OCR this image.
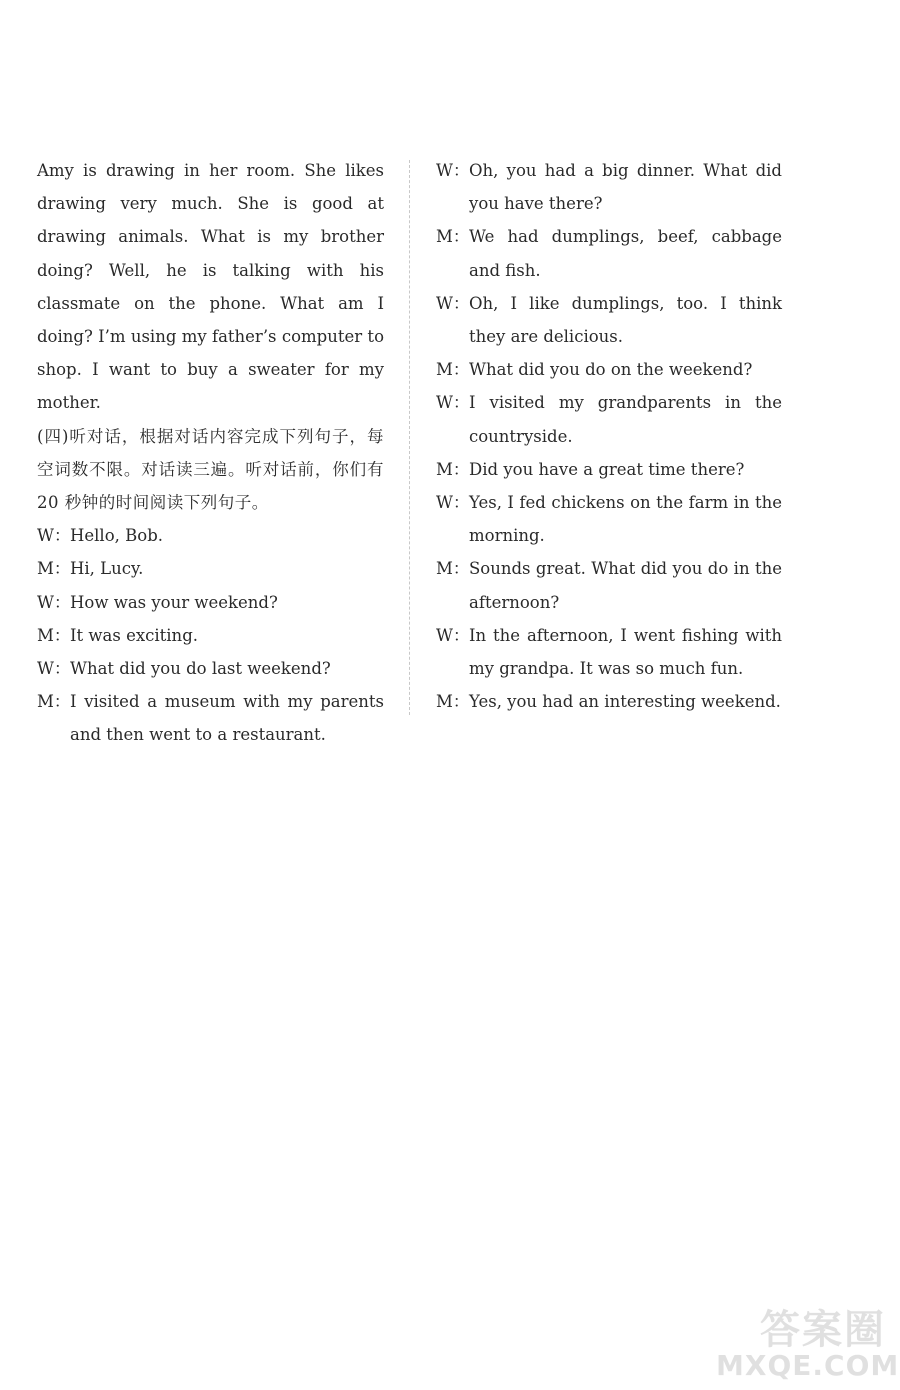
Amy is drawing in her room. She likes drawing very much. She is good at drawing animals. What is my brother doing? Well, he is talking with his classmate on the phone. What am I doing? I’m using my father’s computer to shop. I want to buy a sweater for my mother.

(四)听对话，根据对话内容完成下列句子，每空词数不限。对话读三遍。听对话前，你们有 20 秒钟的时间阅读下列句子。

W： Hello, Bob.
M： Hi, Lucy.
W： How was your weekend?
M： It was exciting.
W： What did you do last weekend?
M： I visited a museum with my parents and then went to a restaurant.
W： Oh, you had a big dinner. What did you have there?
M： We had dumplings, beef, cabbage and fish.
W： Oh, I like dumplings, too. I think they are delicious.
M： What did you do on the weekend?
W： I visited my grandparents in the countryside.
M： Did you have a great time there?
W： Yes, I fed chickens on the farm in the morning.
M： Sounds great. What did you do in the afternoon?
W： In the afternoon, I went fishing with my grandpa. It was so much fun.
M： Yes, you had an interesting weekend.
答案圈
MXQE.COM
